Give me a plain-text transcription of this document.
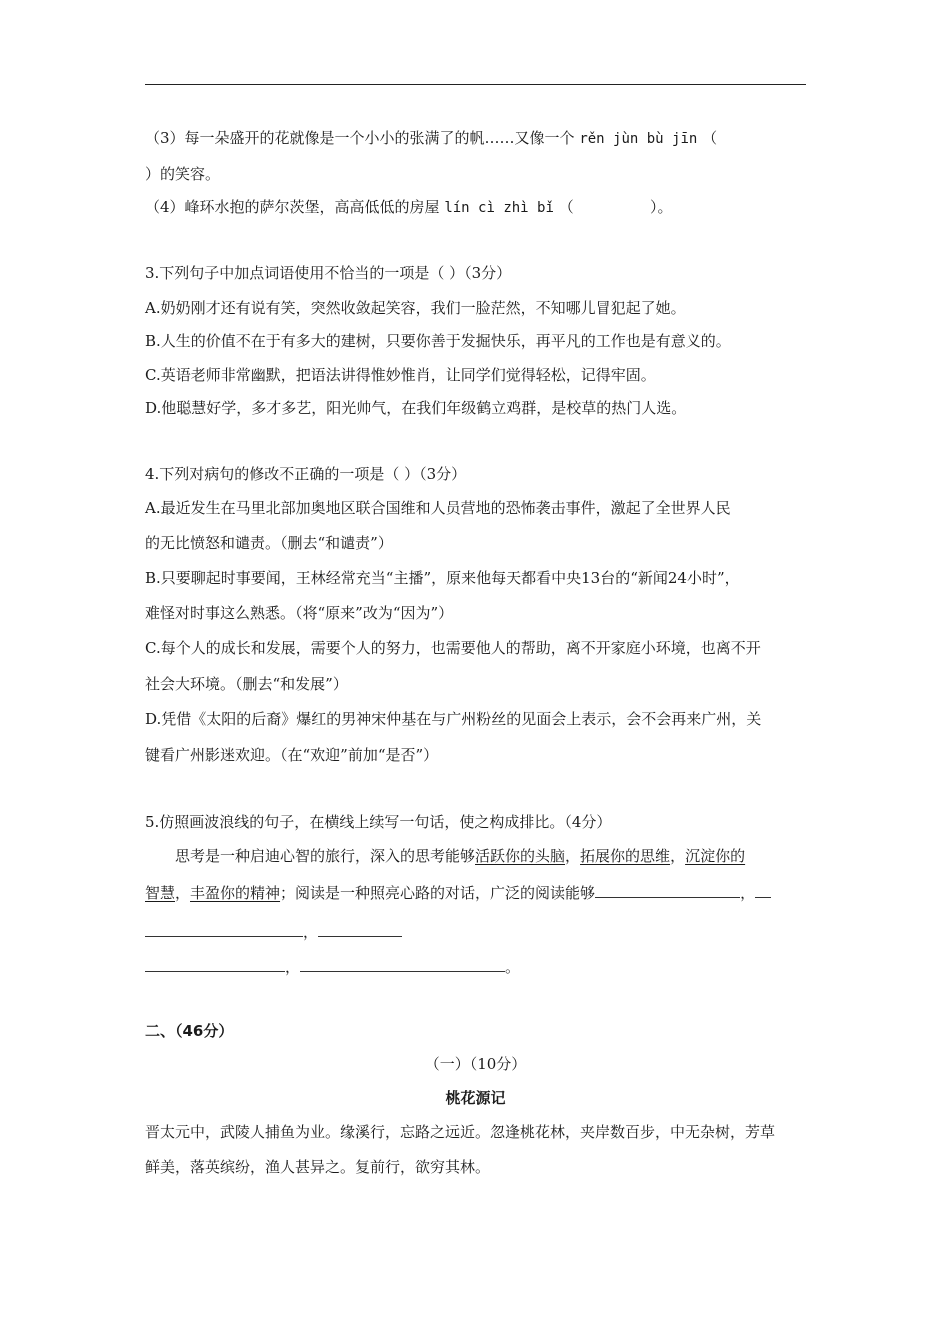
（3）每一朵盛开的花就像是一个小小的张满了的帆……又像一个 rěn jùn bù jīn （
）的笑容。
（4）峰环水抱的萨尔茨堡，高高低低的房屋 lín cì zhì bǐ （                ）。
3.下列句子中加点词语使用不恰当的一项是（ ）（3分）
A.奶奶刚才还有说有笑，突然收敛起笑容，我们一脸茫然，不知哪儿冒犯起了她。
B.人生的价值不在于有多大的建树，只要你善于发掘快乐，再平凡的工作也是有意义的。
C.英语老师非常幽默，把语法讲得惟妙惟肖，让同学们觉得轻松，记得牢固。
D.他聪慧好学，多才多艺，阳光帅气，在我们年级鹤立鸡群，是校草的热门人选。
4.下列对病句的修改不正确的一项是（ ）（3分）
A.最近发生在马里北部加奥地区联合国维和人员营地的恐怖袭击事件，激起了全世界人民
的无比愤怒和谴责。（删去“和谴责”）
B.只要聊起时事要闻，王林经常充当“主播”，原来他每天都看中央13台的“新闻24小时”，
难怪对时事这么熟悉。（将“原来”改为“因为”）
C.每个人的成长和发展，需要个人的努力，也需要他人的帮助，离不开家庭小环境，也离不开
社会大环境。（删去“和发展”）
D.凭借《太阳的后裔》爆红的男神宋仲基在与广州粉丝的见面会上表示，会不会再来广州，关
键看广州影迷欢迎。（在“欢迎”前加“是否”）
5.仿照画波浪线的句子，在横线上续写一句话，使之构成排比。（4分）
思考是一种启迪心智的旅行，深入的思考能够活跃你的头脑，拓展你的思维，沉淀你的
智慧，丰盈你的精神；阅读是一种照亮心路的对话，广泛的阅读能够	，
，
，	。
二、（46分）
（一）（10分）
桃花源记
晋太元中，武陵人捕鱼为业。缘溪行，忘路之远近。忽逢桃花林，夹岸数百步，中无杂树，芳草
鲜美，落英缤纷，渔人甚异之。复前行，欲穷其林。
